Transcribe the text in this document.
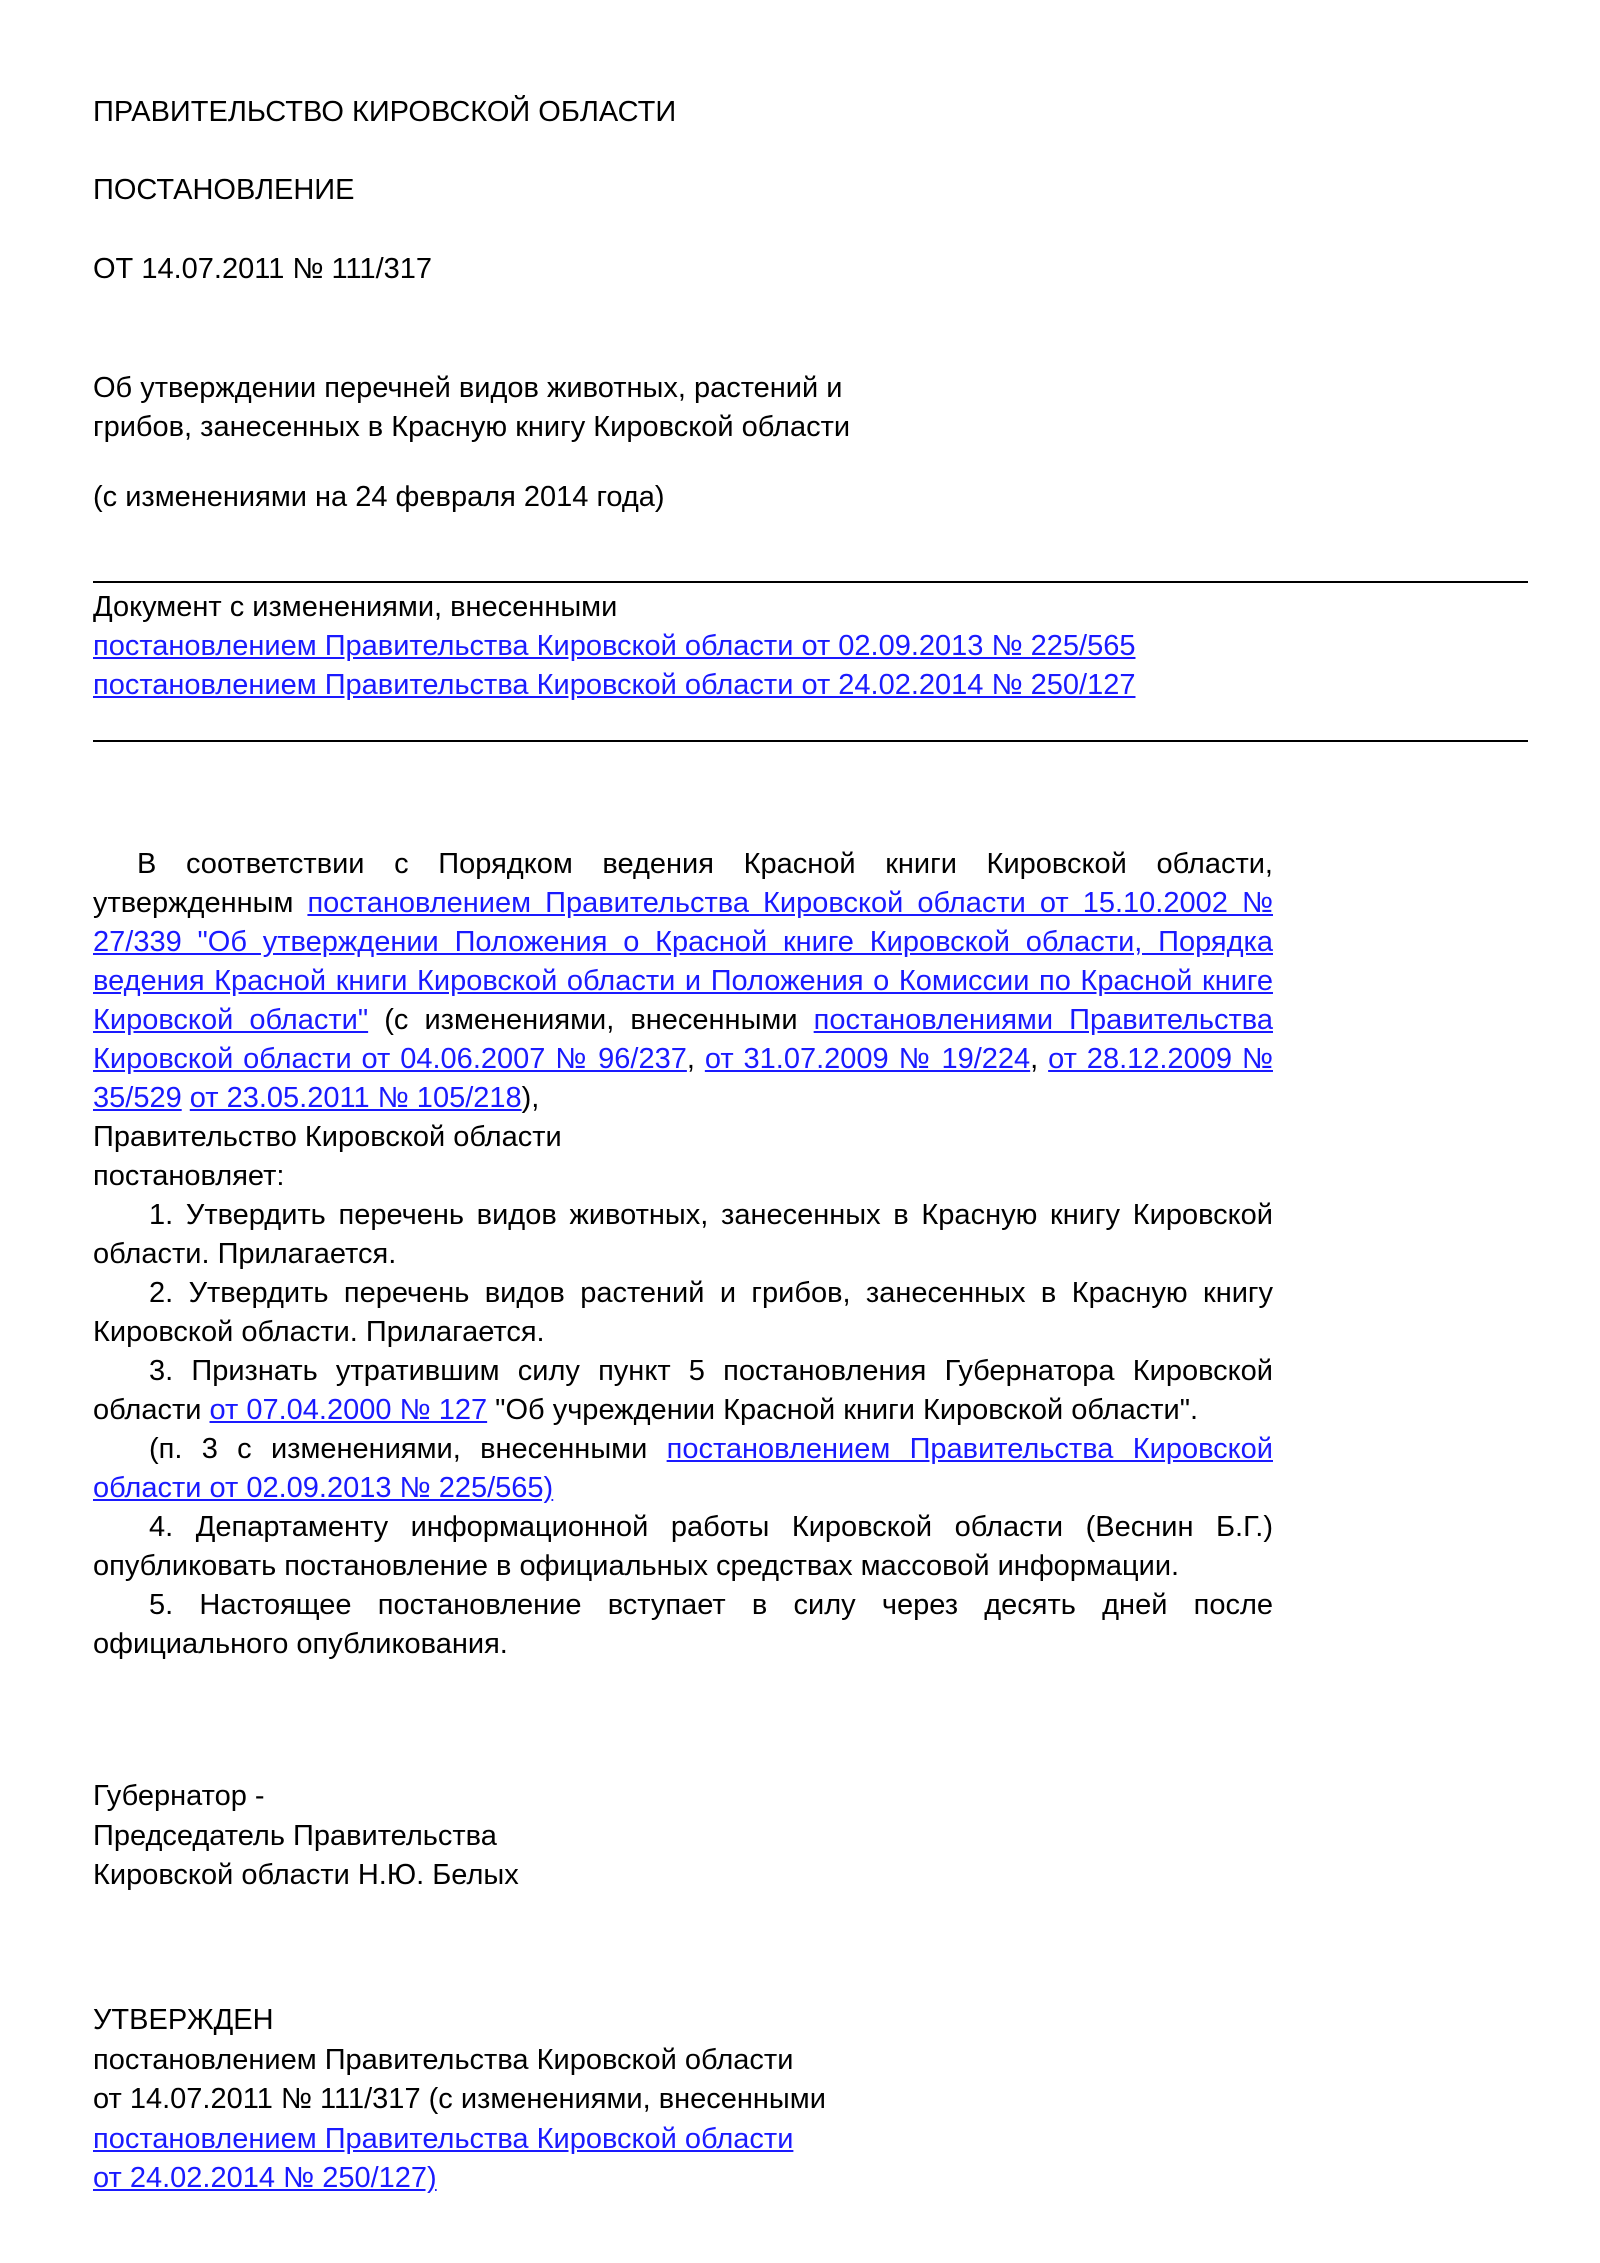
ПРАВИТЕЛЬСТВО КИРОВСКОЙ ОБЛАСТИ
ПОСТАНОВЛЕНИЕ
ОТ 14.07.2011 № 111/317
Об утверждении перечней видов животных, растений и
грибов, занесенных в Красную книгу Кировской области
(с изменениями на 24 февраля 2014 года)
Документ с изменениями, внесенными
постановлением Правительства Кировской области от 02.09.2013 № 225/565
постановлением Правительства Кировской области от 24.02.2014 № 250/127

В соответствии с Порядком ведения Красной книги Кировской области, утвержденным постановлением Правительства Кировской области от 15.10.2002 № 27/339 "Об утверждении Положения о Красной книге Кировской области, Порядка ведения Красной книги Кировской области и Положения о Комиссии по Красной книге Кировской области" (с изменениями, внесенными постановлениями Правительства Кировской области от 04.06.2007 № 96/237, от 31.07.2009 № 19/224, от 28.12.2009 № 35/529 от 23.05.2011 № 105/218),

Правительство Кировской области

постановляет:

1. Утвердить перечень видов животных, занесенных в Красную книгу Кировской области. Прилагается.

2. Утвердить перечень видов растений и грибов, занесенных в Красную книгу Кировской области. Прилагается.

3. Признать утратившим силу пункт 5 постановления Губернатора Кировской области от 07.04.2000 № 127 "Об учреждении Красной книги Кировской области".

(п. 3 с изменениями, внесенными постановлением Правительства Кировской области от 02.09.2013 № 225/565)

4. Департаменту информационной работы Кировской области (Веснин Б.Г.) опубликовать постановление в официальных средствах массовой информации.

5. Настоящее постановление вступает в силу через десять дней после официального опубликования.

Губернатор -
Председатель Правительства
Кировской области Н.Ю. Белых
УТВЕРЖДЕН
постановлением Правительства Кировской области
от 14.07.2011 № 111/317 (с изменениями, внесенными
постановлением Правительства Кировской области
от 24.02.2014 № 250/127)
